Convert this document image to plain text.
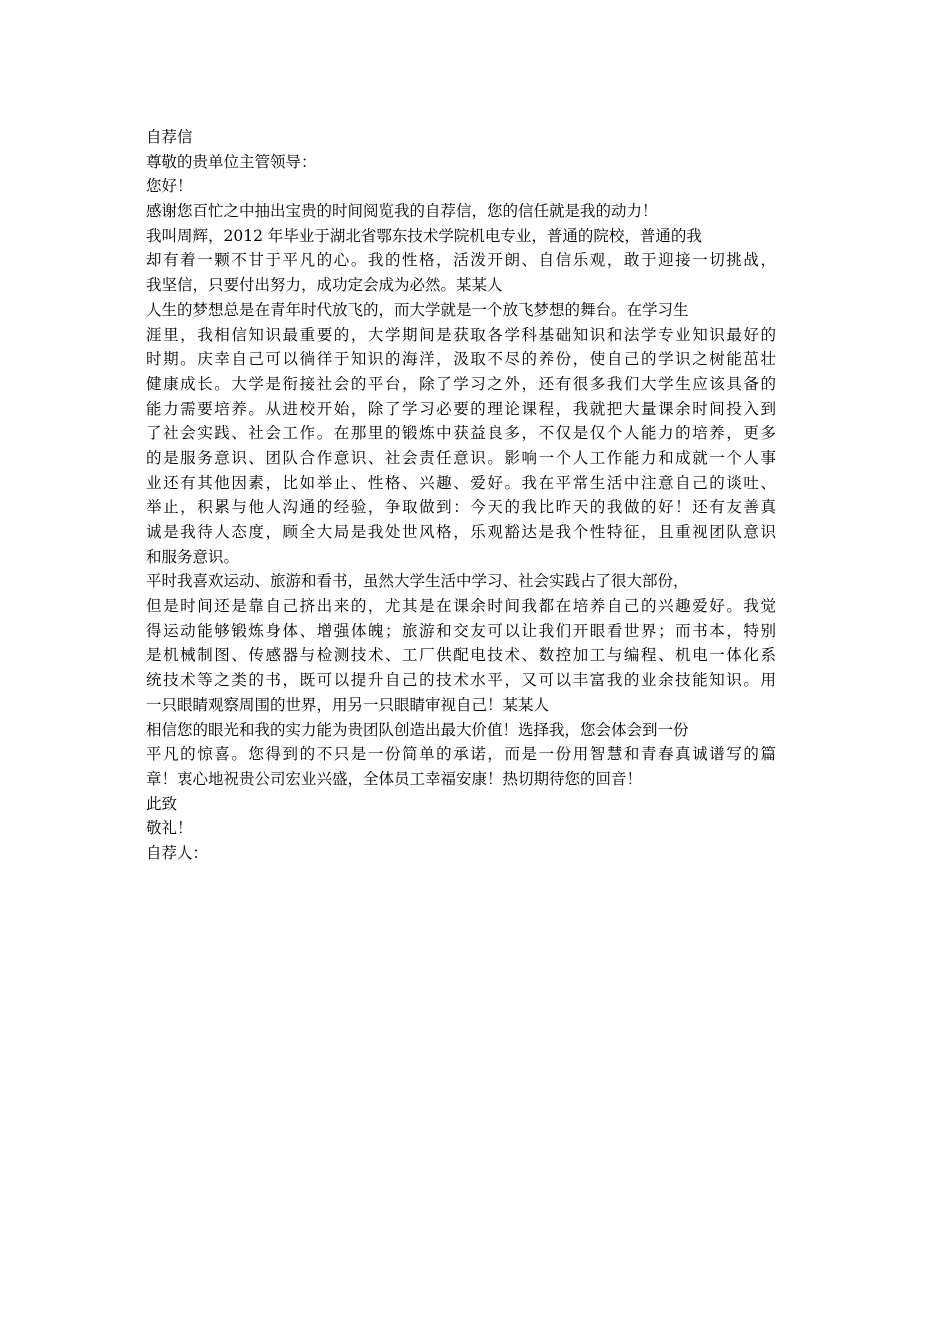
自荐信
尊敬的贵单位主管领导：
您好！
感谢您百忙之中抽出宝贵的时间阅览我的自荐信，您的信任就是我的动力！
我叫周辉，2012 年毕业于湖北省鄂东技术学院机电专业，普通的院校，普通的我
却有着一颗不甘于平凡的心。我的性格，活泼开朗、自信乐观，敢于迎接一切挑战，
我坚信，只要付出努力，成功定会成为必然。某某人
人生的梦想总是在青年时代放飞的，而大学就是一个放飞梦想的舞台。在学习生
涯里，我相信知识最重要的，大学期间是获取各学科基础知识和法学专业知识最好的
时期。庆幸自己可以徜徉于知识的海洋，汲取不尽的养份，使自己的学识之树能茁壮
健康成长。大学是衔接社会的平台，除了学习之外，还有很多我们大学生应该具备的
能力需要培养。从进校开始，除了学习必要的理论课程，我就把大量课余时间投入到
了社会实践、社会工作。在那里的锻炼中获益良多，不仅是仅个人能力的培养，更多
的是服务意识、团队合作意识、社会责任意识。影响一个人工作能力和成就一个人事
业还有其他因素，比如举止、性格、兴趣、爱好。我在平常生活中注意自己的谈吐、
举止，积累与他人沟通的经验，争取做到：今天的我比昨天的我做的好！还有友善真
诚是我待人态度，顾全大局是我处世风格，乐观豁达是我个性特征，且重视团队意识
和服务意识。
平时我喜欢运动、旅游和看书，虽然大学生活中学习、社会实践占了很大部份，
但是时间还是靠自己挤出来的，尤其是在课余时间我都在培养自己的兴趣爱好。我觉
得运动能够锻炼身体、增强体魄；旅游和交友可以让我们开眼看世界；而书本，特别
是机械制图、传感器与检测技术、工厂供配电技术、数控加工与编程、机电一体化系
统技术等之类的书，既可以提升自己的技术水平，又可以丰富我的业余技能知识。用
一只眼睛观察周围的世界，用另一只眼睛审视自己！某某人
相信您的眼光和我的实力能为贵团队创造出最大价值！选择我，您会体会到一份
平凡的惊喜。您得到的不只是一份简单的承诺，而是一份用智慧和青春真诚谱写的篇
章！衷心地祝贵公司宏业兴盛，全体员工幸福安康！热切期待您的回音！
此致
敬礼！
自荐人：
